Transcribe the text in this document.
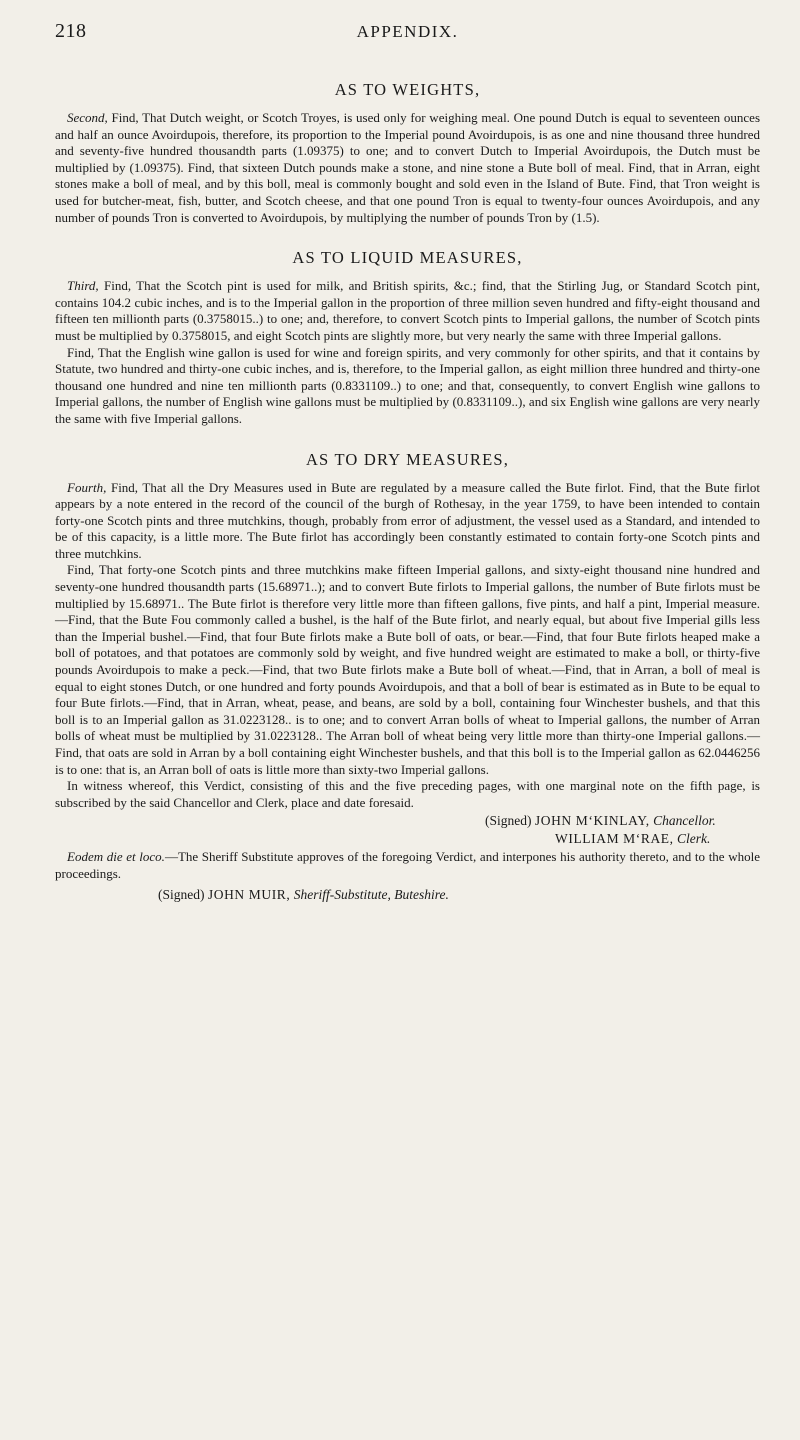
218	APPENDIX.
AS TO WEIGHTS,

Second, Find, That Dutch weight, or Scotch Troyes, is used only for weighing meal. One pound Dutch is equal to seventeen ounces and half an ounce Avoirdupois, therefore, its proportion to the Imperial pound Avoirdupois, is as one and nine thousand three hundred and seventy-five hundred thousandth parts (1.09375) to one; and to convert Dutch to Imperial Avoirdupois, the Dutch must be multiplied by (1.09375). Find, that sixteen Dutch pounds make a stone, and nine stone a Bute boll of meal. Find, that in Arran, eight stones make a boll of meal, and by this boll, meal is commonly bought and sold even in the Island of Bute. Find, that Tron weight is used for butcher-meat, fish, butter, and Scotch cheese, and that one pound Tron is equal to twenty-four ounces Avoirdupois, and any number of pounds Tron is converted to Avoirdupois, by multiplying the number of pounds Tron by (1.5).

AS TO LIQUID MEASURES,

Third, Find, That the Scotch pint is used for milk, and British spirits, &c.; find, that the Stirling Jug, or Standard Scotch pint, contains 104.2 cubic inches, and is to the Imperial gallon in the proportion of three million seven hundred and fifty-eight thousand and fifteen ten millionth parts (0.3758015..) to one; and, therefore, to convert Scotch pints to Imperial gallons, the number of Scotch pints must be multiplied by 0.3758015, and eight Scotch pints are slightly more, but very nearly the same with three Imperial gallons.

Find, That the English wine gallon is used for wine and foreign spirits, and very commonly for other spirits, and that it contains by Statute, two hundred and thirty-one cubic inches, and is, therefore, to the Imperial gallon, as eight million three hundred and thirty-one thousand one hundred and nine ten millionth parts (0.8331109..) to one; and that, consequently, to convert English wine gallons to Imperial gallons, the number of English wine gallons must be multiplied by (0.8331109..), and six English wine gallons are very nearly the same with five Imperial gallons.

AS TO DRY MEASURES,

Fourth, Find, That all the Dry Measures used in Bute are regulated by a measure called the Bute firlot. Find, that the Bute firlot appears by a note entered in the record of the council of the burgh of Rothesay, in the year 1759, to have been intended to contain forty-one Scotch pints and three mutchkins, though, probably from error of adjustment, the vessel used as a Standard, and intended to be of this capacity, is a little more. The Bute firlot has accordingly been constantly estimated to contain forty-one Scotch pints and three mutchkins.

Find, That forty-one Scotch pints and three mutchkins make fifteen Imperial gallons, and sixty-eight thousand nine hundred and seventy-one hundred thousandth parts (15.68971..); and to convert Bute firlots to Imperial gallons, the number of Bute firlots must be multiplied by 15.68971.. The Bute firlot is therefore very little more than fifteen gallons, five pints, and half a pint, Imperial measure.—Find, that the Bute Fou commonly called a bushel, is the half of the Bute firlot, and nearly equal, but about five Imperial gills less than the Imperial bushel.—Find, that four Bute firlots make a Bute boll of oats, or bear.—Find, that four Bute firlots heaped make a boll of potatoes, and that potatoes are commonly sold by weight, and five hundred weight are estimated to make a boll, or thirty-five pounds Avoirdupois to make a peck.—Find, that two Bute firlots make a Bute boll of wheat.—Find, that in Arran, a boll of meal is equal to eight stones Dutch, or one hundred and forty pounds Avoirdupois, and that a boll of bear is estimated as in Bute to be equal to four Bute firlots.—Find, that in Arran, wheat, pease, and beans, are sold by a boll, containing four Winchester bushels, and that this boll is to an Imperial gallon as 31.0223128.. is to one; and to convert Arran bolls of wheat to Imperial gallons, the number of Arran bolls of wheat must be multiplied by 31.0223128.. The Arran boll of wheat being very little more than thirty-one Imperial gallons.—Find, that oats are sold in Arran by a boll containing eight Winchester bushels, and that this boll is to the Imperial gallon as 62.0446256 is to one: that is, an Arran boll of oats is little more than sixty-two Imperial gallons.

In witness whereof, this Verdict, consisting of this and the five preceding pages, with one marginal note on the fifth page, is subscribed by the said Chancellor and Clerk, place and date foresaid.

(Signed) JOHN M‘KINLAY, Chancellor.
WILLIAM M‘RAE, Clerk.

Eodem die et loco.—The Sheriff Substitute approves of the foregoing Verdict, and interpones his authority thereto, and to the whole proceedings.

(Signed) JOHN MUIR, Sheriff-Substitute, Buteshire.
